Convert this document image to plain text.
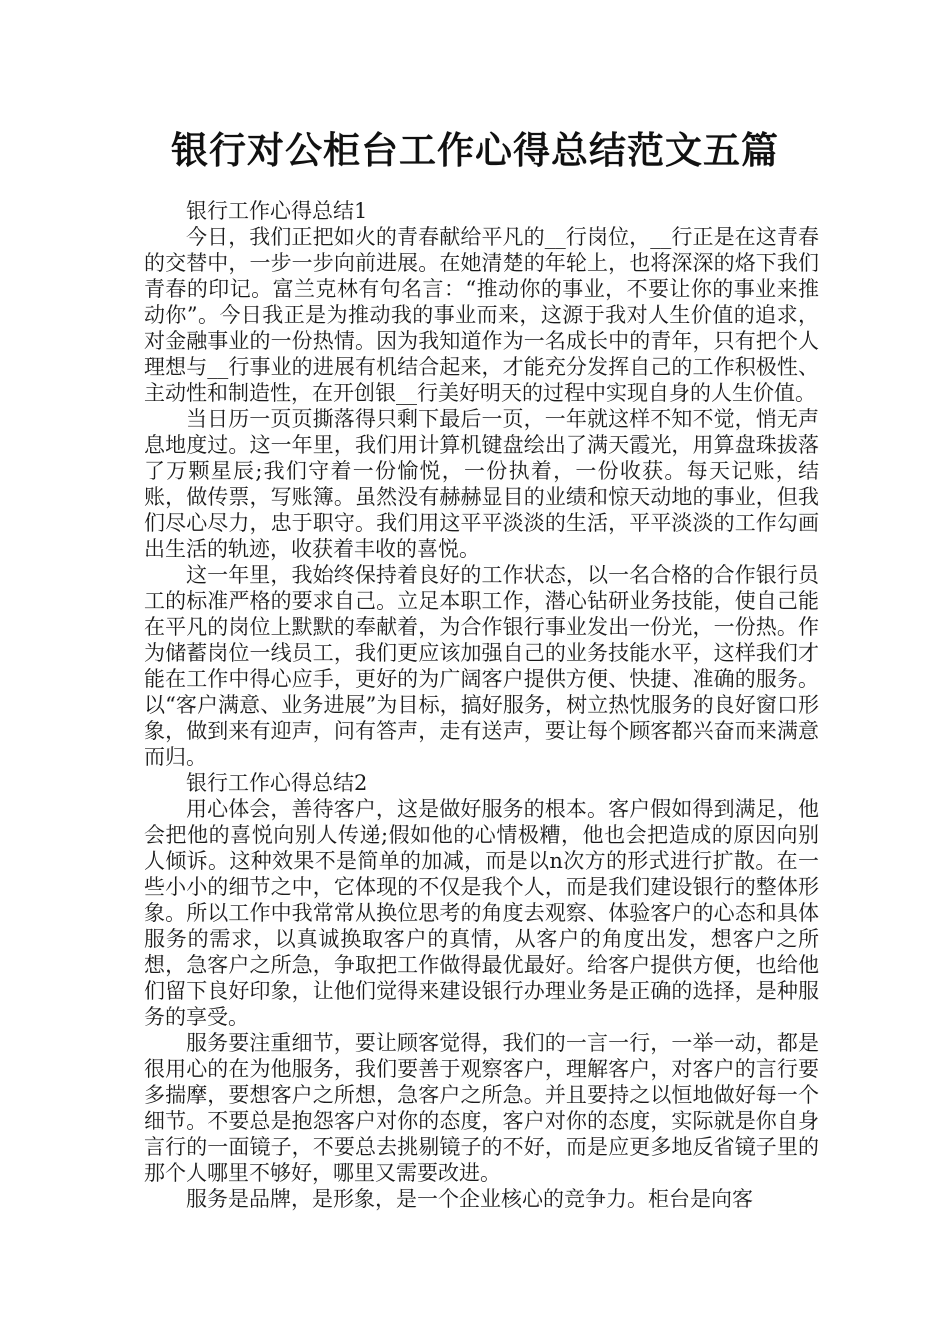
银行对公柜台工作心得总结范文五篇

银行工作心得总结1

今日，我们正把如火的青春献给平凡的__行岗位，__行正是在这青春的交替中，一步一步向前进展。在她清楚的年轮上，也将深深的烙下我们青春的印记。富兰克林有句名言：“推动你的事业，不要让你的事业来推动你”。今日我正是为推动我的事业而来，这源于我对人生价值的追求，对金融事业的一份热情。因为我知道作为一名成长中的青年，只有把个人理想与__行事业的进展有机结合起来，才能充分发挥自己的工作积极性、主动性和制造性，在开创银__行美好明天的过程中实现自身的人生价值。

当日历一页页撕落得只剩下最后一页，一年就这样不知不觉，悄无声息地度过。这一年里，我们用计算机键盘绘出了满天霞光，用算盘珠拔落了万颗星辰;我们守着一份愉悦，一份执着，一份收获。每天记账，结账，做传票，写账簿。虽然没有赫赫显目的业绩和惊天动地的事业，但我们尽心尽力，忠于职守。我们用这平平淡淡的生活，平平淡淡的工作勾画出生活的轨迹，收获着丰收的喜悦。

这一年里，我始终保持着良好的工作状态，以一名合格的合作银行员工的标准严格的要求自己。立足本职工作，潜心钻研业务技能，使自己能在平凡的岗位上默默的奉献着，为合作银行事业发出一份光，一份热。作为储蓄岗位一线员工，我们更应该加强自己的业务技能水平，这样我们才能在工作中得心应手，更好的为广阔客户提供方便、快捷、准确的服务。以“客户满意、业务进展”为目标，搞好服务，树立热忱服务的良好窗口形象，做到来有迎声，问有答声，走有送声，要让每个顾客都兴奋而来满意而归。

银行工作心得总结2

用心体会，善待客户，这是做好服务的根本。客户假如得到满足，他会把他的喜悦向别人传递;假如他的心情极糟，他也会把造成的原因向别人倾诉。这种效果不是简单的加减，而是以n次方的形式进行扩散。在一些小小的细节之中，它体现的不仅是我个人，而是我们建设银行的整体形象。所以工作中我常常从换位思考的角度去观察、体验客户的心态和具体服务的需求，以真诚换取客户的真情，从客户的角度出发，想客户之所想，急客户之所急，争取把工作做得最优最好。给客户提供方便，也给他们留下良好印象，让他们觉得来建设银行办理业务是正确的选择，是种服务的享受。

服务要注重细节，要让顾客觉得，我们的一言一行，一举一动，都是很用心的在为他服务，我们要善于观察客户，理解客户，对客户的言行要多揣摩，要想客户之所想，急客户之所急。并且要持之以恒地做好每一个细节。不要总是抱怨客户对你的态度，客户对你的态度，实际就是你自身言行的一面镜子，不要总去挑剔镜子的不好，而是应更多地反省镜子里的那个人哪里不够好，哪里又需要改进。

服务是品牌，是形象，是一个企业核心的竞争力。柜台是向客
